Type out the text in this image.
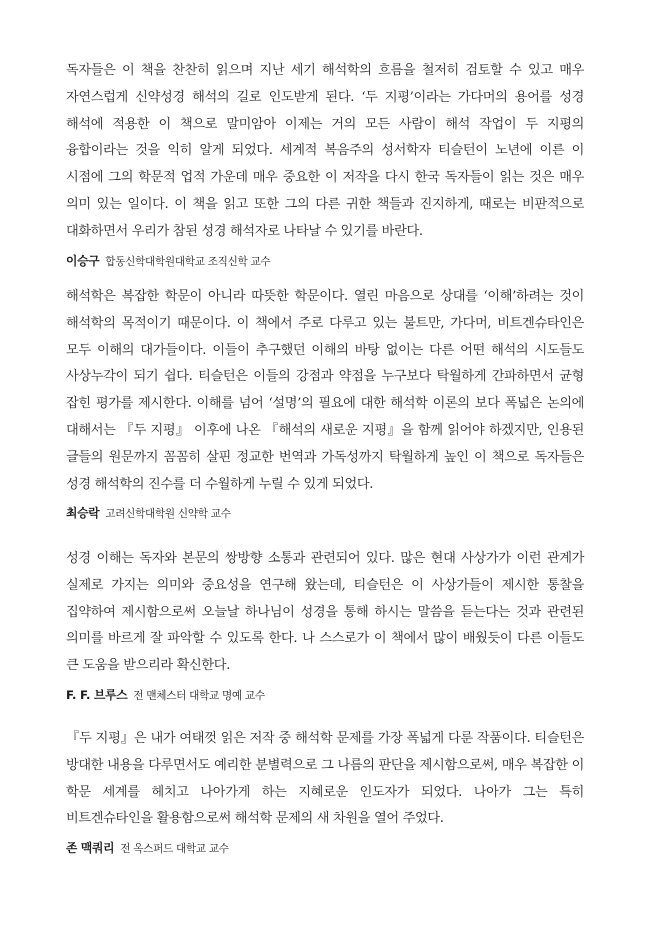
독자들은 이 책을 찬찬히 읽으며 지난 세기 해석학의 흐름을 철저히 검토할 수 있고 매우 자연스럽게 신약성경 해석의 길로 인도받게 된다. ‘두 지평’이라는 가다머의 용어를 성경 해석에 적용한 이 책으로 말미암아 이제는 거의 모든 사람이 해석 작업이 두 지평의 융합이라는 것을 익히 알게 되었다. 세계적 복음주의 성서학자 티슬턴이 노년에 이른 이 시점에 그의 학문적 업적 가운데 매우 중요한 이 저작을 다시 한국 독자들이 읽는 것은 매우 의미 있는 일이다. 이 책을 읽고 또한 그의 다른 귀한 책들과 진지하게, 때로는 비판적으로 대화하면서 우리가 참된 성경 해석자로 나타날 수 있기를 바란다.

이승구 합동신학대학원대학교 조직신학 교수

해석학은 복잡한 학문이 아니라 따뜻한 학문이다. 열린 마음으로 상대를 ‘이해’하려는 것이 해석학의 목적이기 때문이다. 이 책에서 주로 다루고 있는 불트만, 가다머, 비트겐슈타인은 모두 이해의 대가들이다. 이들이 추구했던 이해의 바탕 없이는 다른 어떤 해석의 시도들도 사상누각이 되기 쉽다. 티슬턴은 이들의 강점과 약점을 누구보다 탁월하게 간파하면서 균형 잡힌 평가를 제시한다. 이해를 넘어 ‘설명’의 필요에 대한 해석학 이론의 보다 폭넓은 논의에 대해서는 『두 지평』 이후에 나온 『해석의 새로운 지평』을 함께 읽어야 하겠지만, 인용된 글들의 원문까지 꼼꼼히 살핀 정교한 번역과 가독성까지 탁월하게 높인 이 책으로 독자들은 성경 해석학의 진수를 더 수월하게 누릴 수 있게 되었다.

최승락 고려신학대학원 신약학 교수

성경 이해는 독자와 본문의 쌍방향 소통과 관련되어 있다. 많은 현대 사상가가 이런 관계가 실제로 가지는 의미와 중요성을 연구해 왔는데, 티슬턴은 이 사상가들이 제시한 통찰을 집약하여 제시함으로써 오늘날 하나님이 성경을 통해 하시는 말씀을 듣는다는 것과 관련된 의미를 바르게 잘 파악할 수 있도록 한다. 나 스스로가 이 책에서 많이 배웠듯이 다른 이들도 큰 도움을 받으리라 확신한다.

F. F. 브루스 전 맨체스터 대학교 명예 교수

『두 지평』은 내가 여태껏 읽은 저작 중 해석학 문제를 가장 폭넓게 다룬 작품이다. 티슬턴은 방대한 내용을 다루면서도 예리한 분별력으로 그 나름의 판단을 제시함으로써, 매우 복잡한 이 학문 세계를 헤치고 나아가게 하는 지혜로운 인도자가 되었다. 나아가 그는 특히 비트겐슈타인을 활용함으로써 해석학 문제의 새 차원을 열어 주었다.

존 맥쿼리 전 옥스퍼드 대학교 교수
